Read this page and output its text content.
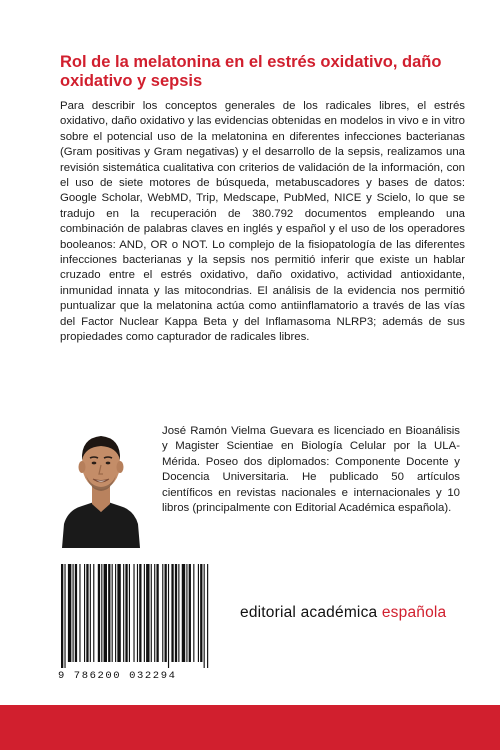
Rol de la melatonina en el estrés oxidativo, daño oxidativo y sepsis

Para describir los conceptos generales de los radicales libres, el estrés oxidativo, daño oxidativo y las evidencias obtenidas en modelos in vivo e in vitro sobre el potencial uso de la melatonina en diferentes infecciones bacterianas (Gram positivas y Gram negativas) y el desarrollo de la sepsis, realizamos una revisión sistemática cualitativa con criterios de validación de la información, con el uso de siete motores de búsqueda, metabuscadores y bases de datos: Google Scholar, WebMD, Trip, Medscape, PubMed, NICE y Scielo, lo que se tradujo en la recuperación de 380.792 documentos empleando una combinación de palabras claves en inglés y español y el uso de los operadores booleanos: AND, OR o NOT. Lo complejo de la fisiopatología de las diferentes infecciones bacterianas y la sepsis nos permitió inferir que existe un hablar cruzado entre el estrés oxidativo, daño oxidativo, actividad antioxidante, inmunidad innata y las mitocondrias. El análisis de la evidencia nos permitió puntualizar que la melatonina actúa como antiinflamatorio a través de las vías del Factor Nuclear Kappa Beta y del Inflamasoma NLRP3; además de sus propiedades como capturador de radicales libres.

José Ramón Vielma Guevara es licenciado en Bioanálisis y Magister Scientiae en Biología Celular por la ULA-Mérida. Poseo dos diplomados: Componente Docente y Docencia Universitaria. He publicado 50 artículos científicos en revistas nacionales e internacionales y 10 libros (principalmente con Editorial Académica española).

9 786200 032294
editorial académica española
